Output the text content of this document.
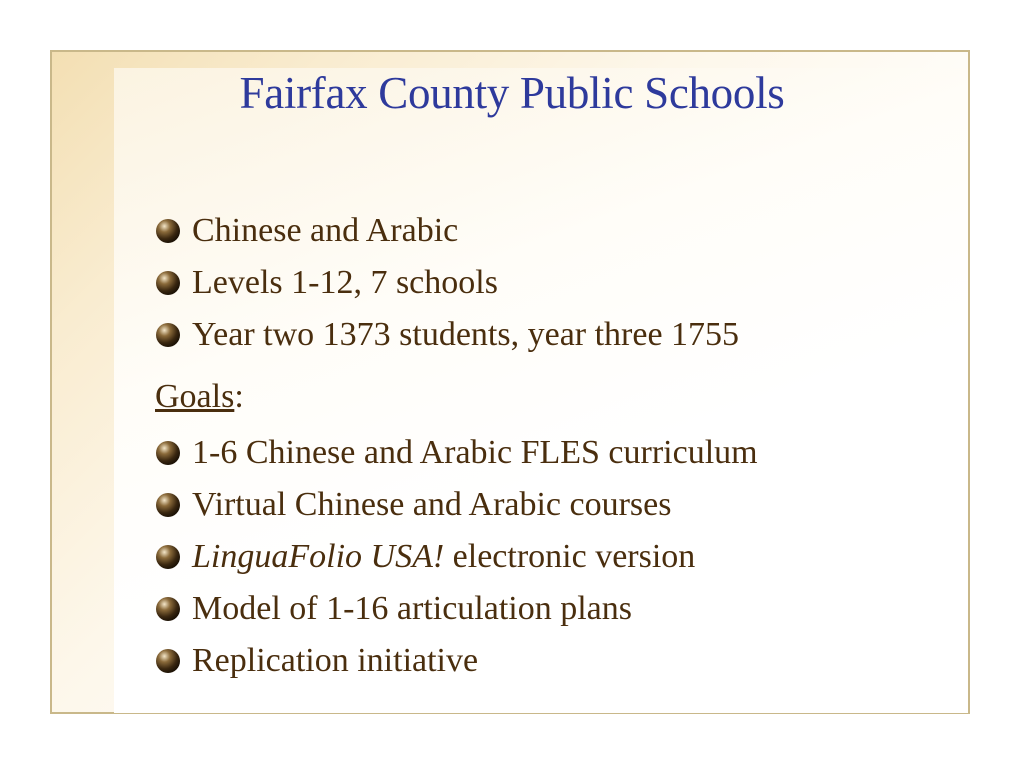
Fairfax County Public Schools
Chinese and Arabic
Levels 1-12, 7 schools
Year two 1373 students, year three 1755
Goals :
1-6 Chinese and Arabic FLES curriculum
Virtual Chinese and Arabic courses
LinguaFolio USA! electronic version
Model of 1-16 articulation plans
Replication initiative
